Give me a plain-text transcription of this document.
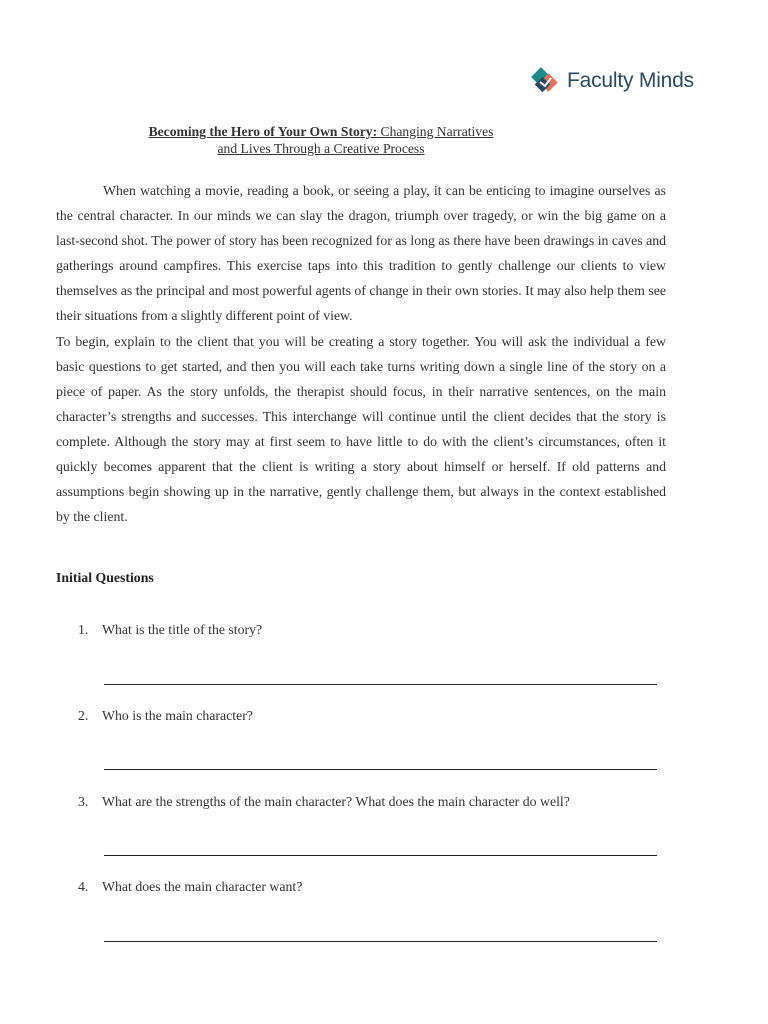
Faculty Minds
Becoming the Hero of Your Own Story: Changing Narratives
and Lives Through a Creative Process

When watching a movie, reading a book, or seeing a play, it can be enticing to imagine ourselves as the central character. In our minds we can slay the dragon, triumph over tragedy, or win the big game on a last-second shot. The power of story has been recognized for as long as there have been drawings in caves and gatherings around campfires. This exercise taps into this tradition to gently challenge our clients to view themselves as the principal and most powerful agents of change in their own stories. It may also help them see their situations from a slightly different point of view.

To begin, explain to the client that you will be creating a story together. You will ask the individual a few basic questions to get started, and then you will each take turns writing down a single line of the story on a piece of paper. As the story unfolds, the therapist should focus, in their narrative sentences, on the main character’s strengths and successes. This interchange will continue until the client decides that the story is complete. Although the story may at first seem to have little to do with the client’s circumstances, often it quickly becomes apparent that the client is writing a story about himself or herself. If old patterns and assumptions begin showing up in the narrative, gently challenge them, but always in the context established by the client.

Initial Questions
1. What is the title of the story?
2. Who is the main character?
3. What are the strengths of the main character? What does the main character do well?
4. What does the main character want?
